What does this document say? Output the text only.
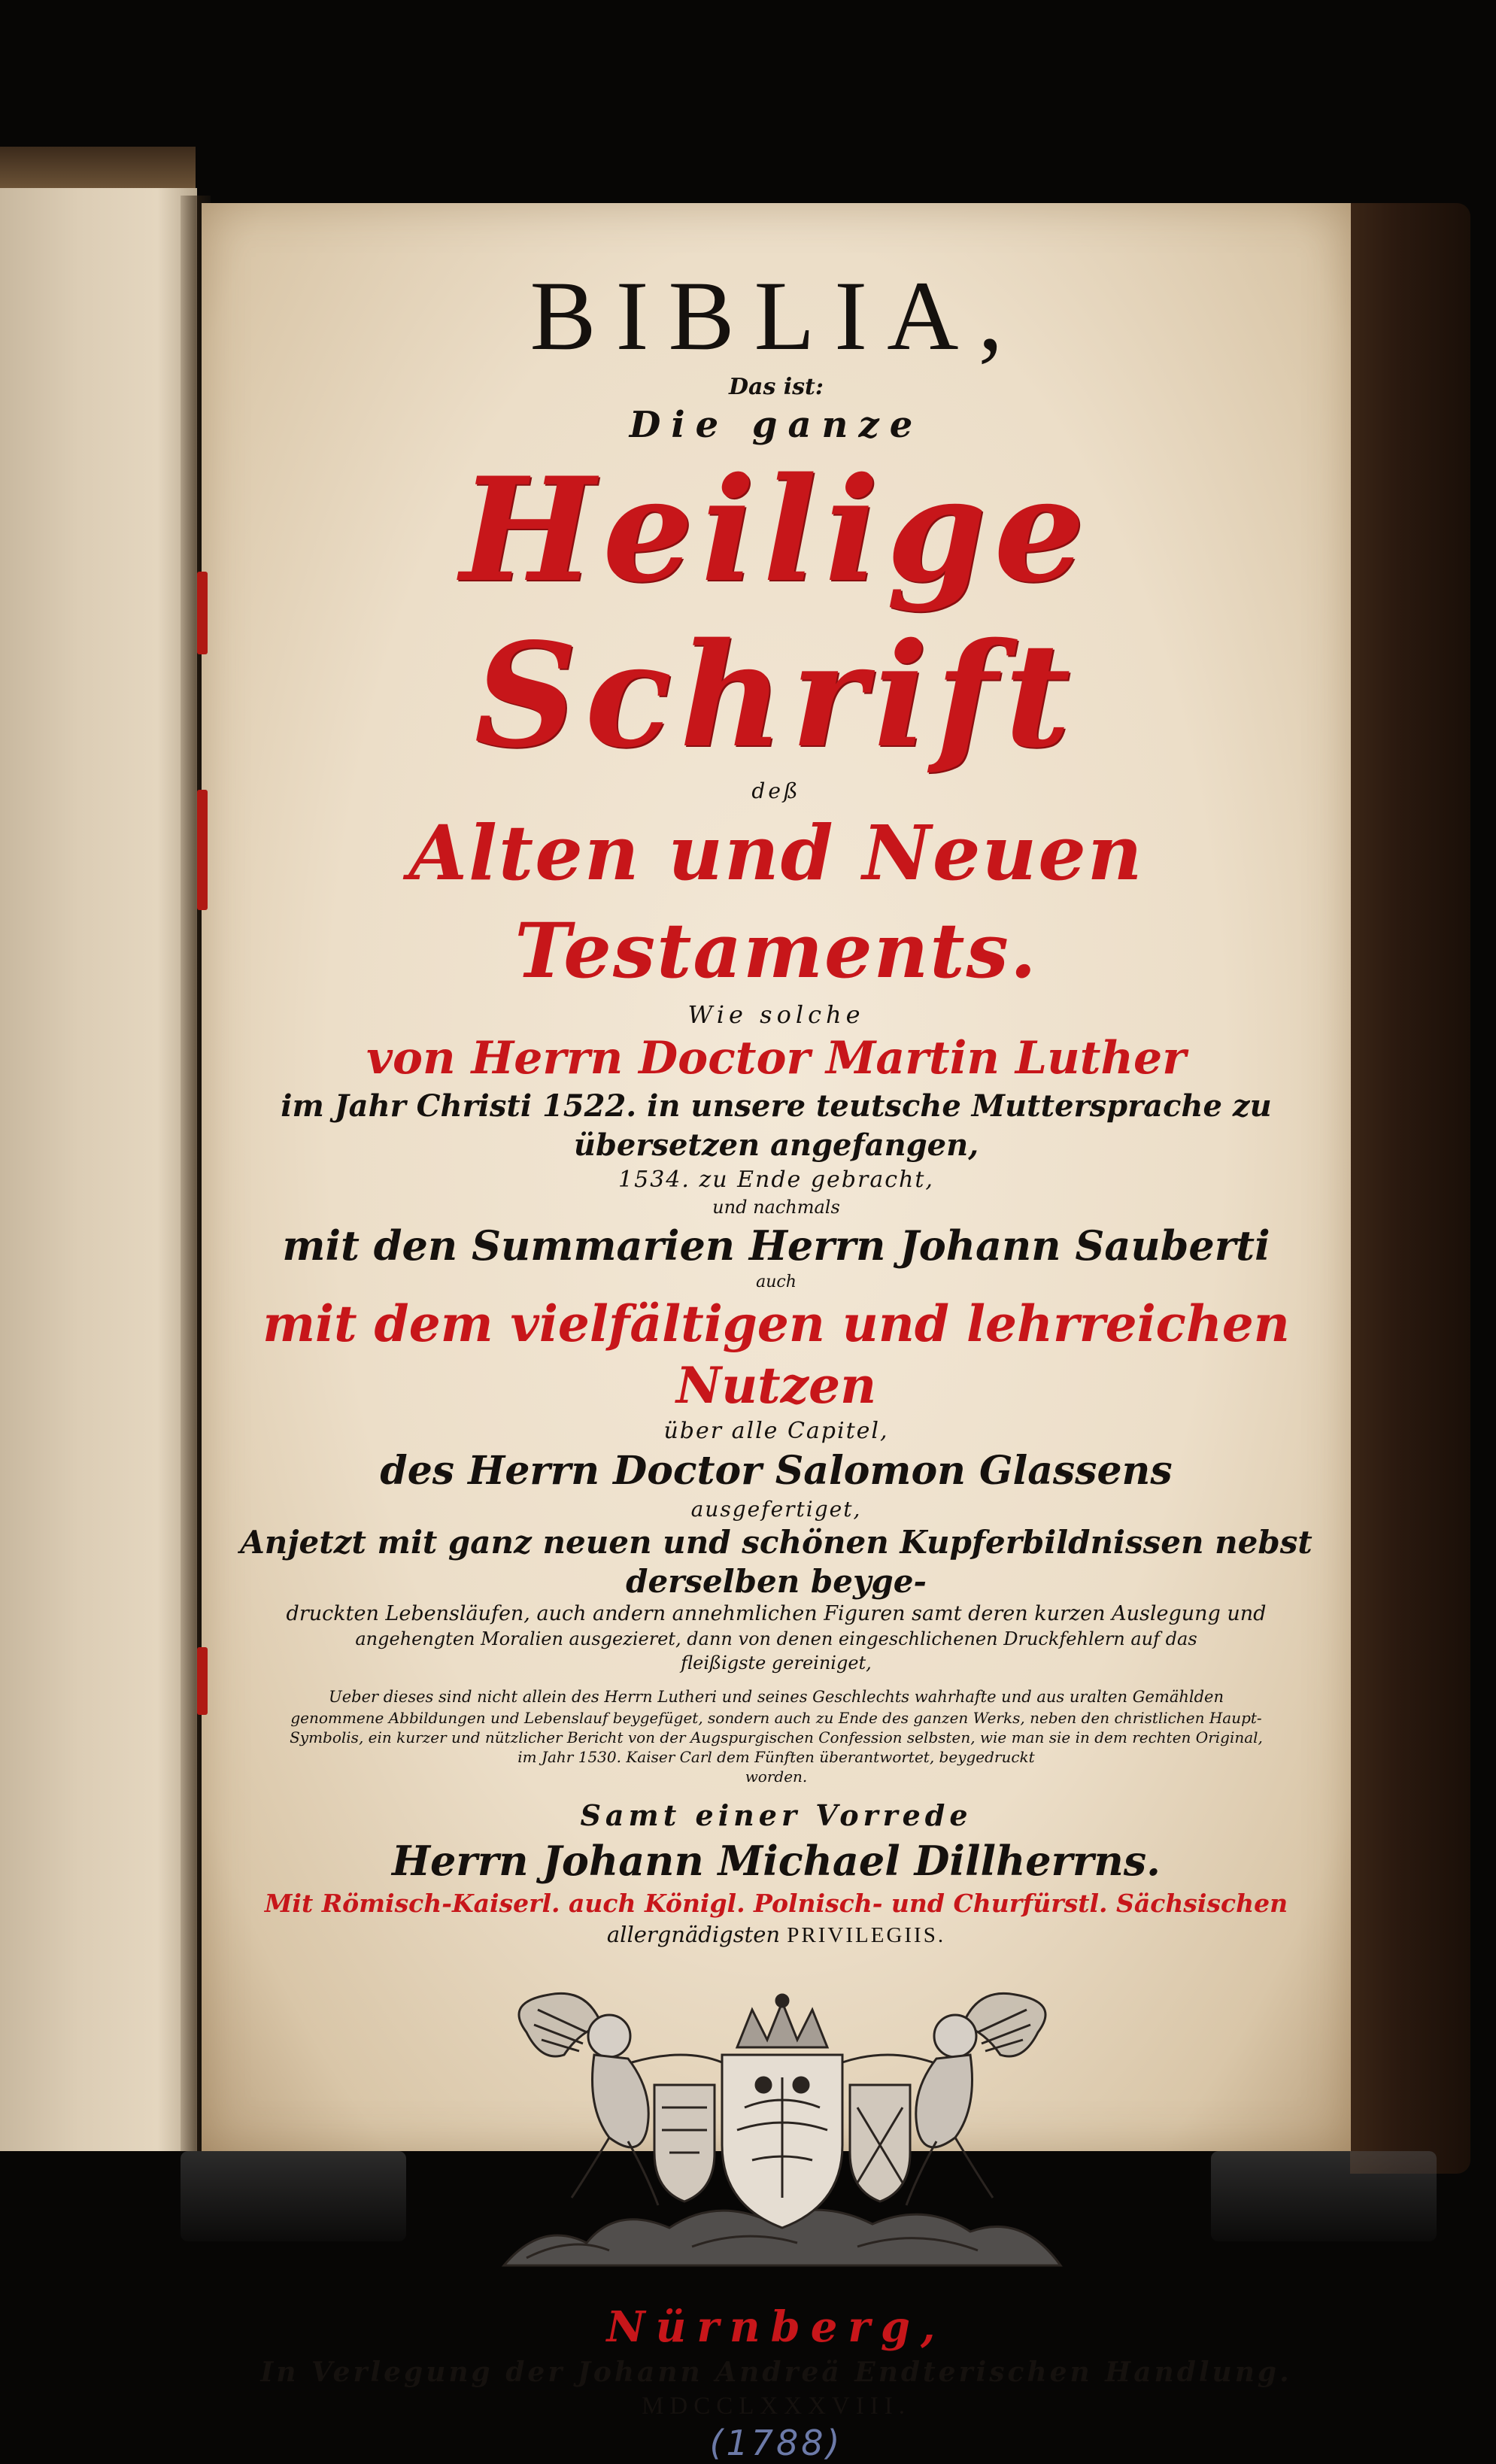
BIBLIA,

Das ist:

Die ganze

Heilige Schrift

deß

Alten und Neuen Testaments.

Wie solche

von Herrn Doctor Martin Luther

im Jahr Christi 1522. in unsere teutsche Muttersprache zu übersetzen angefangen,

1534. zu Ende gebracht,

und nachmals

mit den Summarien Herrn Johann Sauberti

auch

mit dem vielfältigen und lehrreichen Nutzen

über alle Capitel,

des Herrn Doctor Salomon Glassens

ausgefertiget,

Anjetzt mit ganz neuen und schönen Kupferbildnissen nebst derselben beyge-

druckten Lebensläufen, auch andern annehmlichen Figuren samt deren kurzen Auslegung und

angehengten Moralien ausgezieret, dann von denen eingeschlichenen Druckfehlern auf das

fleißigste gereiniget,

Ueber dieses sind nicht allein des Herrn Lutheri und seines Geschlechts wahrhafte und aus uralten Gemählden

genommene Abbildungen und Lebenslauf beygefüget, sondern auch zu Ende des ganzen Werks, neben den christlichen Haupt-

Symbolis, ein kurzer und nützlicher Bericht von der Augspurgischen Confession selbsten, wie man sie in dem rechten Original,

im Jahr 1530. Kaiser Carl dem Fünften überantwortet, beygedruckt

worden.

Samt einer Vorrede

Herrn Johann Michael Dillherrns.

Mit Römisch-Kaiserl. auch Königl. Polnisch- und Churfürstl. Sächsischen

allergnädigsten PRIVILEGIIS.

Nürnberg,

In Verlegung der Johann Andreä Endterischen Handlung.

MDCCLXXXVIII.

(1788)
